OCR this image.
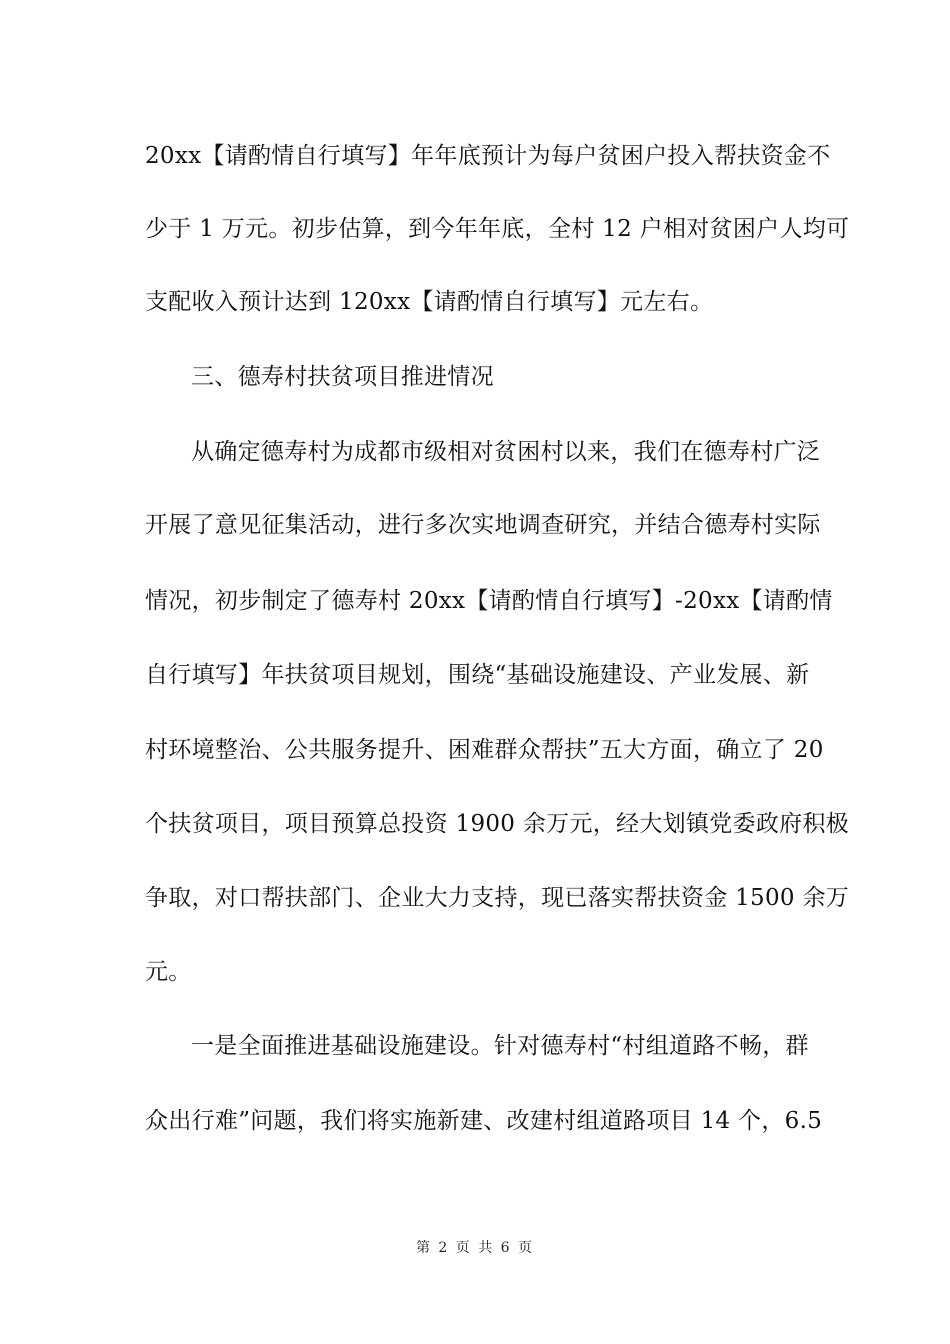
20xx【请酌情自行填写】年年底预计为每户贫困户投入帮扶资金不
少于 1 万元。初步估算，到今年年底，全村 12 户相对贫困户人均可
支配收入预计达到 120xx【请酌情自行填写】元左右。
三、德寿村扶贫项目推进情况
从确定德寿村为成都市级相对贫困村以来，我们在德寿村广泛
开展了意见征集活动，进行多次实地调查研究，并结合德寿村实际
情况，初步制定了德寿村 20xx【请酌情自行填写】-20xx【请酌情
自行填写】年扶贫项目规划，围绕“基础设施建设、产业发展、新
村环境整治、公共服务提升、困难群众帮扶”五大方面，确立了 20
个扶贫项目，项目预算总投资 1900 余万元，经大划镇党委政府积极
争取，对口帮扶部门、企业大力支持，现已落实帮扶资金 1500 余万
元。
一是全面推进基础设施建设。针对德寿村“村组道路不畅，群
众出行难”问题，我们将实施新建、改建村组道路项目 14 个，6.5
第 2 页 共 6 页
